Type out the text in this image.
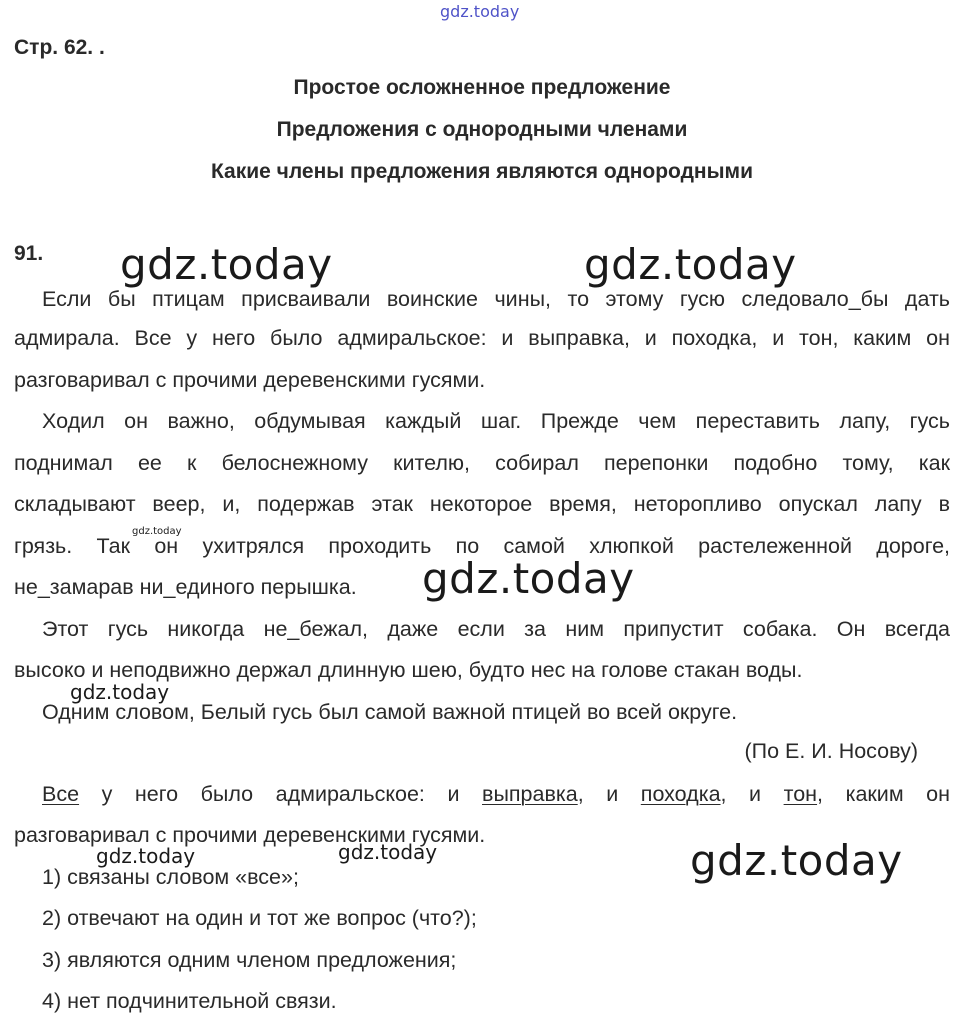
gdz.today
gdz.today	gdz.today
gdz.today
gdz.today
gdz.today
gdz.today	gdz.today	gdz.today
Стр. 62. .
Простое осложненное предложение
Предложения с однородными членами
Какие члены предложения являются однородными
91.
Если бы птицам присваивали воинские чины, то этому гусю следовало_бы дать
адмирала. Все у него было адмиральское: и выправка, и походка, и тон, каким он
разговаривал с прочими деревенскими гусями.
Ходил он важно, обдумывая каждый шаг. Прежде чем переставить лапу, гусь
поднимал ее к белоснежному кителю, собирал перепонки подобно тому, как
складывают веер, и, подержав этак некоторое время, неторопливо опускал лапу в
грязь. Так он ухитрялся проходить по самой хлюпкой растележенной дороге,
не_замарав ни_единого перышка.
Этот гусь никогда не_бежал, даже если за ним припустит собака. Он всегда
высоко и неподвижно держал длинную шею, будто нес на голове стакан воды.
Одним словом, Белый гусь был самой важной птицей во всей округе.
(По Е. И. Носову)
Все у него было адмиральское: и выправка, и походка, и тон, каким он
разговаривал с прочими деревенскими гусями.
1) связаны словом «все»;
2) отвечают на один и тот же вопрос (что?);
3) являются одним членом предложения;
4) нет подчинительной связи.
